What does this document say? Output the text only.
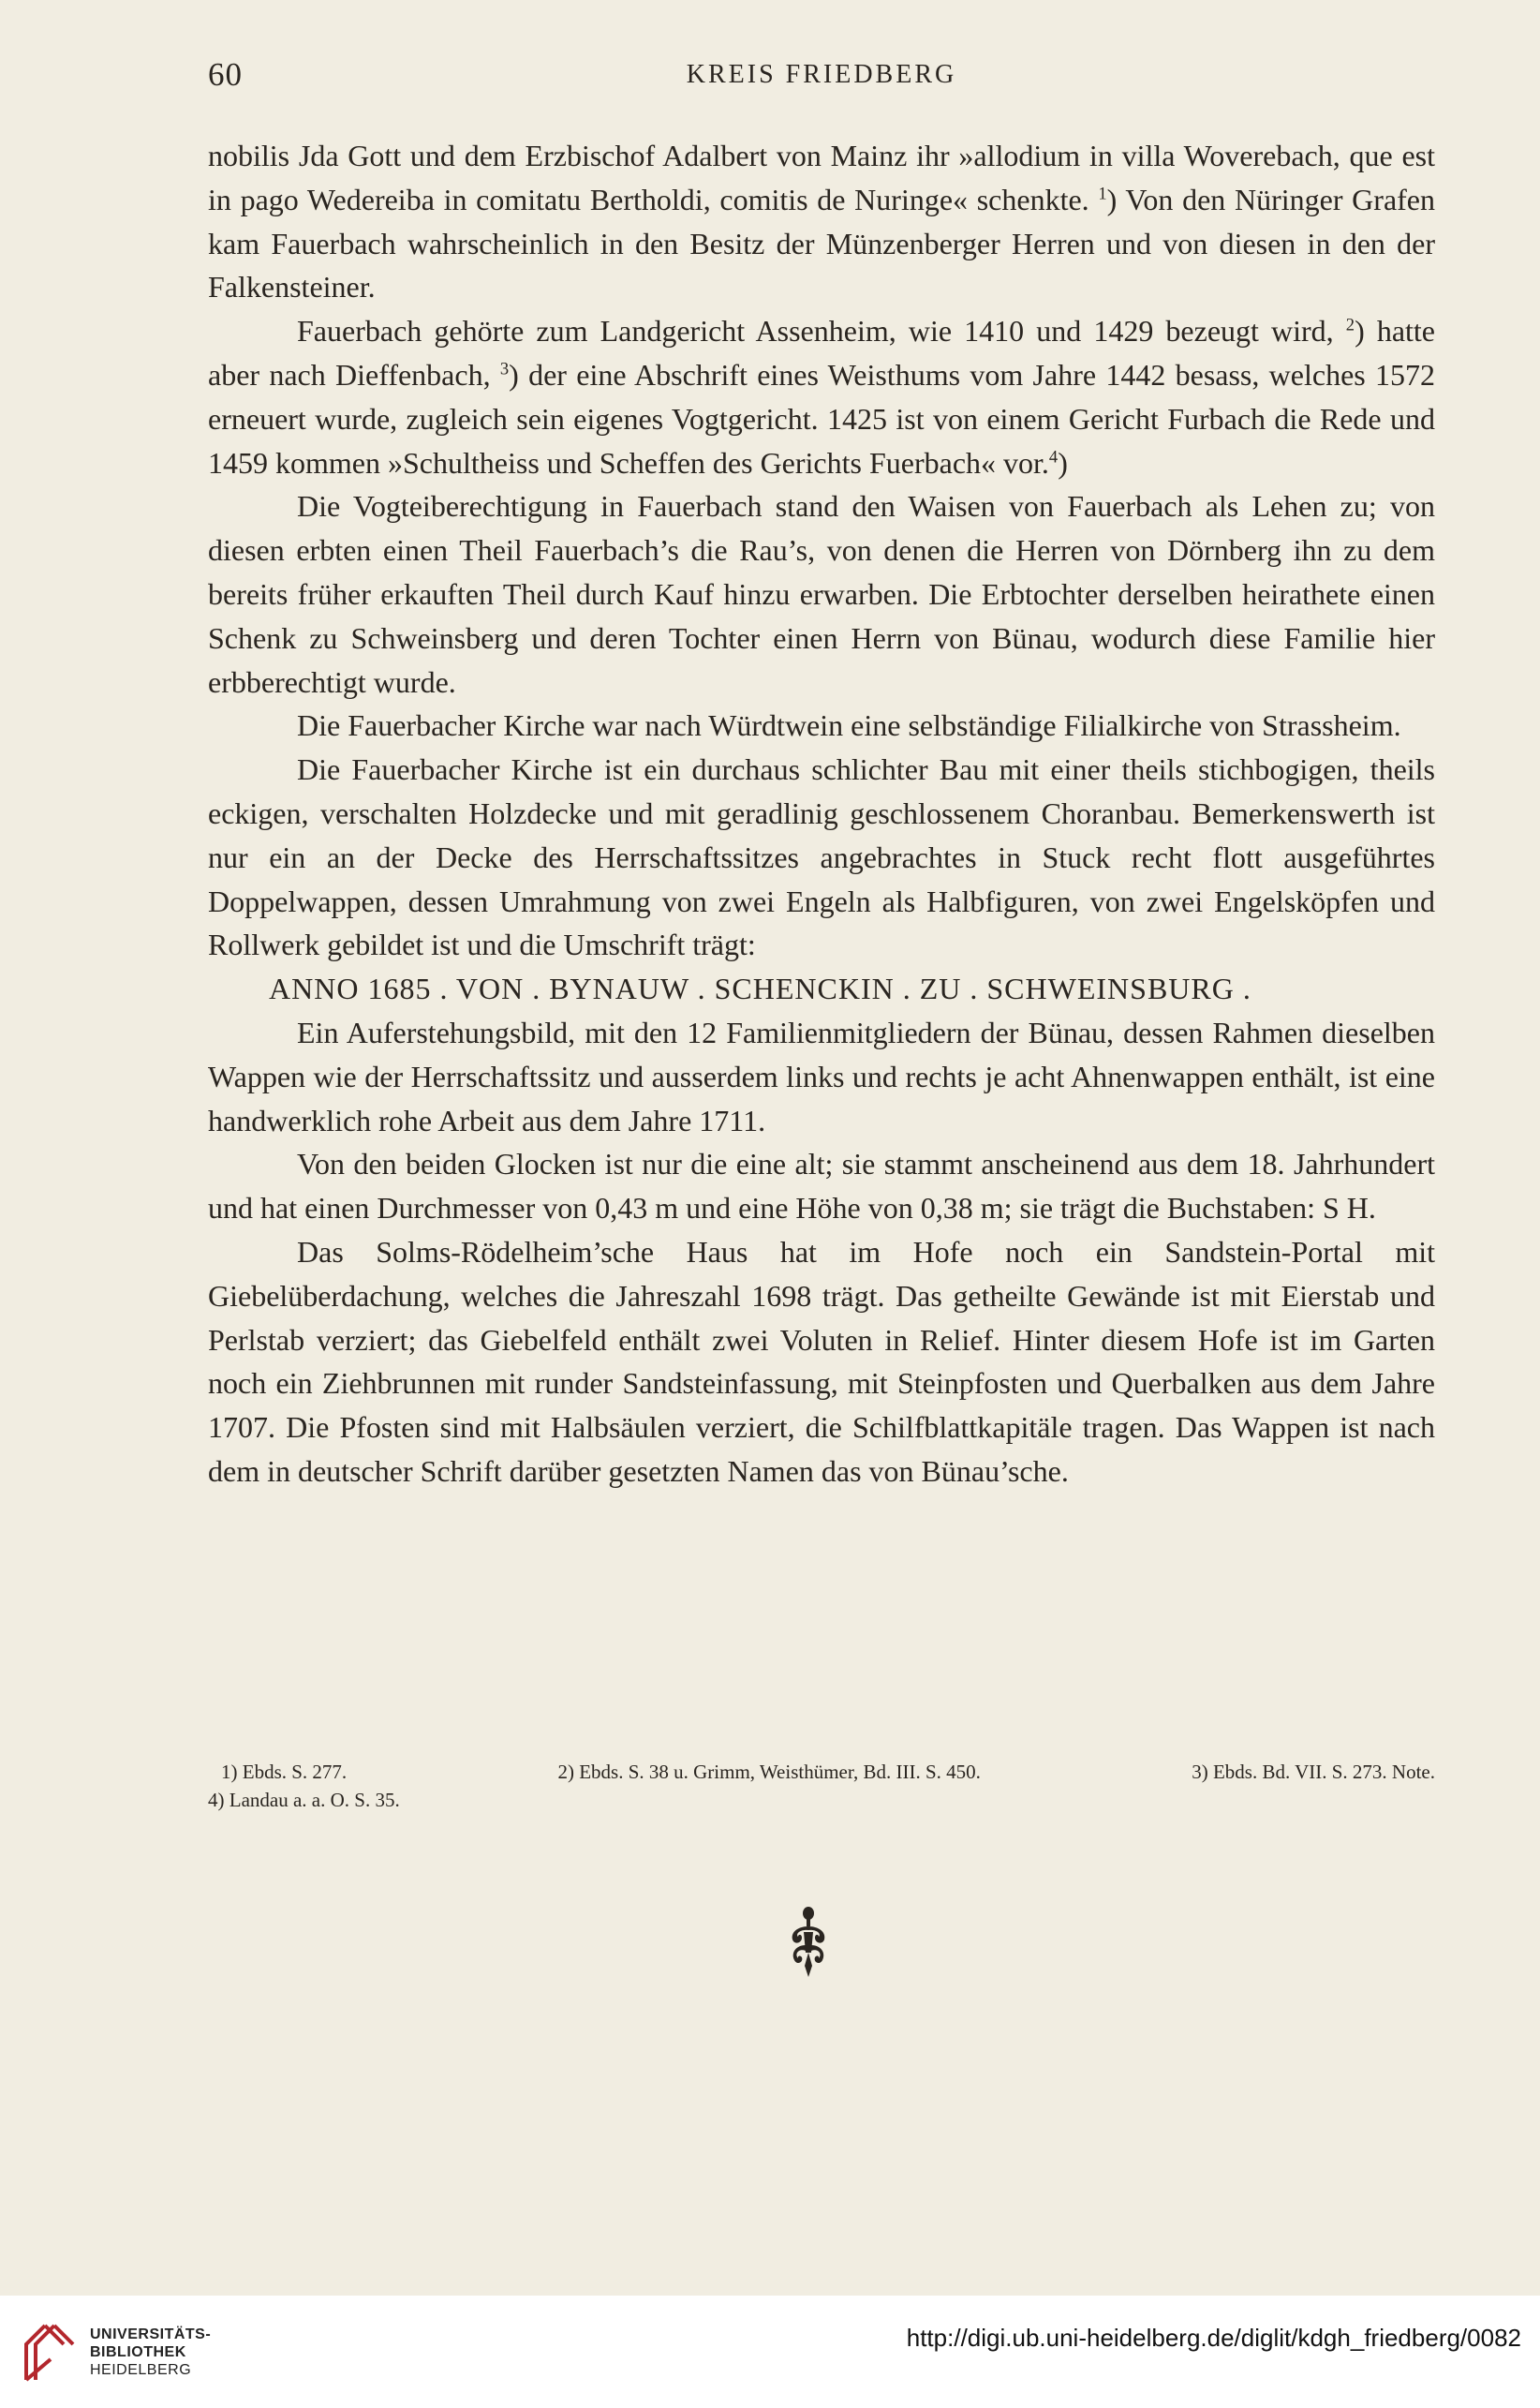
60	KREIS FRIEDBERG

nobilis Jda Gott und dem Erzbischof Adalbert von Mainz ihr »allodium in villa Woverebach, que est in pago Wedereiba in comitatu Bertholdi, comitis de Nuringe« schenkte. $^1$) Von den Nüringer Grafen kam Fauerbach wahrscheinlich in den Besitz der Münzenberger Herren und von diesen in den der Falkensteiner.

Fauerbach gehörte zum Landgericht Assenheim, wie 1410 und 1429 bezeugt wird, $^2$) hatte aber nach Dieffenbach, $^3$) der eine Abschrift eines Weisthums vom Jahre 1442 besass, welches 1572 erneuert wurde, zugleich sein eigenes Vogtgericht. 1425 ist von einem Gericht Furbach die Rede und 1459 kommen »Schultheiss und Scheffen des Gerichts Fuerbach« vor.$^4$)

Die Vogteiberechtigung in Fauerbach stand den Waisen von Fauerbach als Lehen zu; von diesen erbten einen Theil Fauerbach’s die Rau’s, von denen die Herren von Dörnberg ihn zu dem bereits früher erkauften Theil durch Kauf hinzu erwarben. Die Erbtochter derselben heirathete einen Schenk zu Schweinsberg und deren Tochter einen Herrn von Bünau, wodurch diese Familie hier erbberechtigt wurde.

Die Fauerbacher Kirche war nach Würdtwein eine selbständige Filialkirche von Strassheim.

Die Fauerbacher Kirche ist ein durchaus schlichter Bau mit einer theils stichbogigen, theils eckigen, verschalten Holzdecke und mit geradlinig geschlossenem Choranbau. Bemerkenswerth ist nur ein an der Decke des Herrschaftssitzes angebrachtes in Stuck recht flott ausgeführtes Doppelwappen, dessen Umrahmung von zwei Engeln als Halbfiguren, von zwei Engelsköpfen und Rollwerk gebildet ist und die Umschrift trägt:

ANNO 1685 . VON . BYNAUW . SCHENCKIN . ZU . SCHWEINSBURG .

Ein Auferstehungsbild, mit den 12 Familienmitgliedern der Bünau, dessen Rahmen dieselben Wappen wie der Herrschaftssitz und ausserdem links und rechts je acht Ahnenwappen enthält, ist eine handwerklich rohe Arbeit aus dem Jahre 1711.

Von den beiden Glocken ist nur die eine alt; sie stammt anscheinend aus dem 18. Jahrhundert und hat einen Durchmesser von 0,43 m und eine Höhe von 0,38 m; sie trägt die Buchstaben: S H.

Das Solms-Rödelheim’sche Haus hat im Hofe noch ein Sandstein-Portal mit Giebelüberdachung, welches die Jahreszahl 1698 trägt. Das getheilte Gewände ist mit Eierstab und Perlstab verziert; das Giebelfeld enthält zwei Voluten in Relief. Hinter diesem Hofe ist im Garten noch ein Ziehbrunnen mit runder Sandsteinfassung, mit Steinpfosten und Querbalken aus dem Jahre 1707. Die Pfosten sind mit Halbsäulen verziert, die Schilfblattkapitäle tragen. Das Wappen ist nach dem in deutscher Schrift darüber gesetzten Namen das von Bünau’sche.

1) Ebds. S. 277.	2) Ebds. S. 38 u. Grimm, Weisthümer, Bd. III. S. 450.	3) Ebds. Bd. VII. S. 273. Note.
4) Landau a. a. O. S. 35.
UNIVERSITÄTS-
BIBLIOTHEK
HEIDELBERG
http://digi.ub.uni-heidelberg.de/diglit/kdgh_friedberg/0082
